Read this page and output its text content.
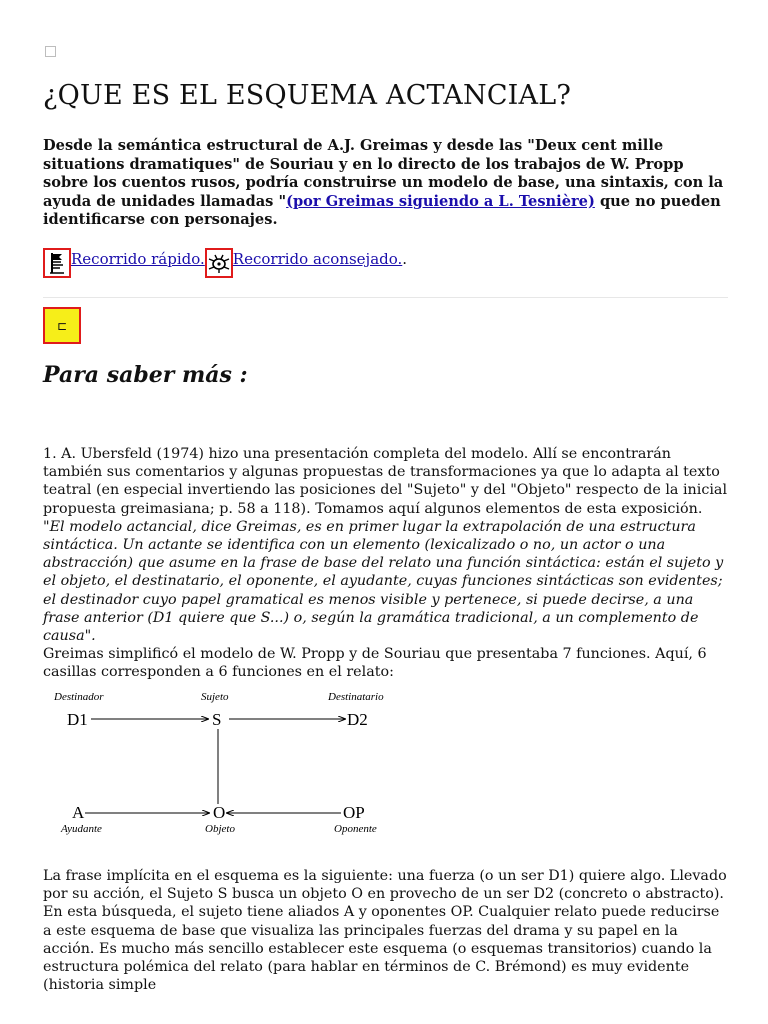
¿QUE ES EL ESQUEMA ACTANCIAL?

Desde la semántica estructural de A.J. Greimas y desde las "Deux cent mille situations dramatiques" de Souriau y en lo directo de los trabajos de W. Propp sobre los cuentos rusos, podría construirse un modelo de base, una sintaxis, con la ayuda de unidades llamadas "(por Greimas siguiendo a L. Tesnière) que no pueden identificarse con personajes.

Recorrido rápido. Recorrido aconsejado. .
⊏
Para saber más :

1. A. Ubersfeld (1974) hizo una presentación completa del modelo. Allí se encontrarán también sus comentarios y algunas propuestas de transformaciones ya que lo adapta al texto teatral (en especial invertiendo las posiciones del "Sujeto" y del "Objeto" respecto de la inicial propuesta greimasiana; p. 58 a 118). Tomamos aquí algunos elementos de esta exposición.
"El modelo actancial, dice Greimas, es en primer lugar la extrapolación de una estructura sintáctica. Un actante se identifica con un elemento (lexicalizado o no, un actor o una abstracción) que asume en la frase de base del relato una función sintáctica: están el sujeto y el objeto, el destinatario, el oponente, el ayudante, cuyas funciones sintácticas son evidentes; el destinador cuyo papel gramatical es menos visible y pertenece, si puede decirse, a una frase anterior (D1 quiere que S...) o, según la gramática tradicional, a un complemento de causa".
Greimas simplificó el modelo de W. Propp y de Souriau que presentaba 7 funciones. Aquí, 6 casillas corresponden a 6 funciones en el relato:

Destinador	Sujeto	Destinatario
D1	S	D2
A	O	OP
Ayudante	Objeto	Oponente

La frase implícita en el esquema es la siguiente: una fuerza (o un ser D1) quiere algo. Llevado por su acción, el Sujeto S busca un objeto O en provecho de un ser D2 (concreto o abstracto). En esta búsqueda, el sujeto tiene aliados A y oponentes OP. Cualquier relato puede reducirse a este esquema de base que visualiza las principales fuerzas del drama y su papel en la acción. Es mucho más sencillo establecer este esquema (o esquemas transitorios) cuando la estructura polémica del relato (para hablar en términos de C. Brémond) es muy evidente (historia simple
